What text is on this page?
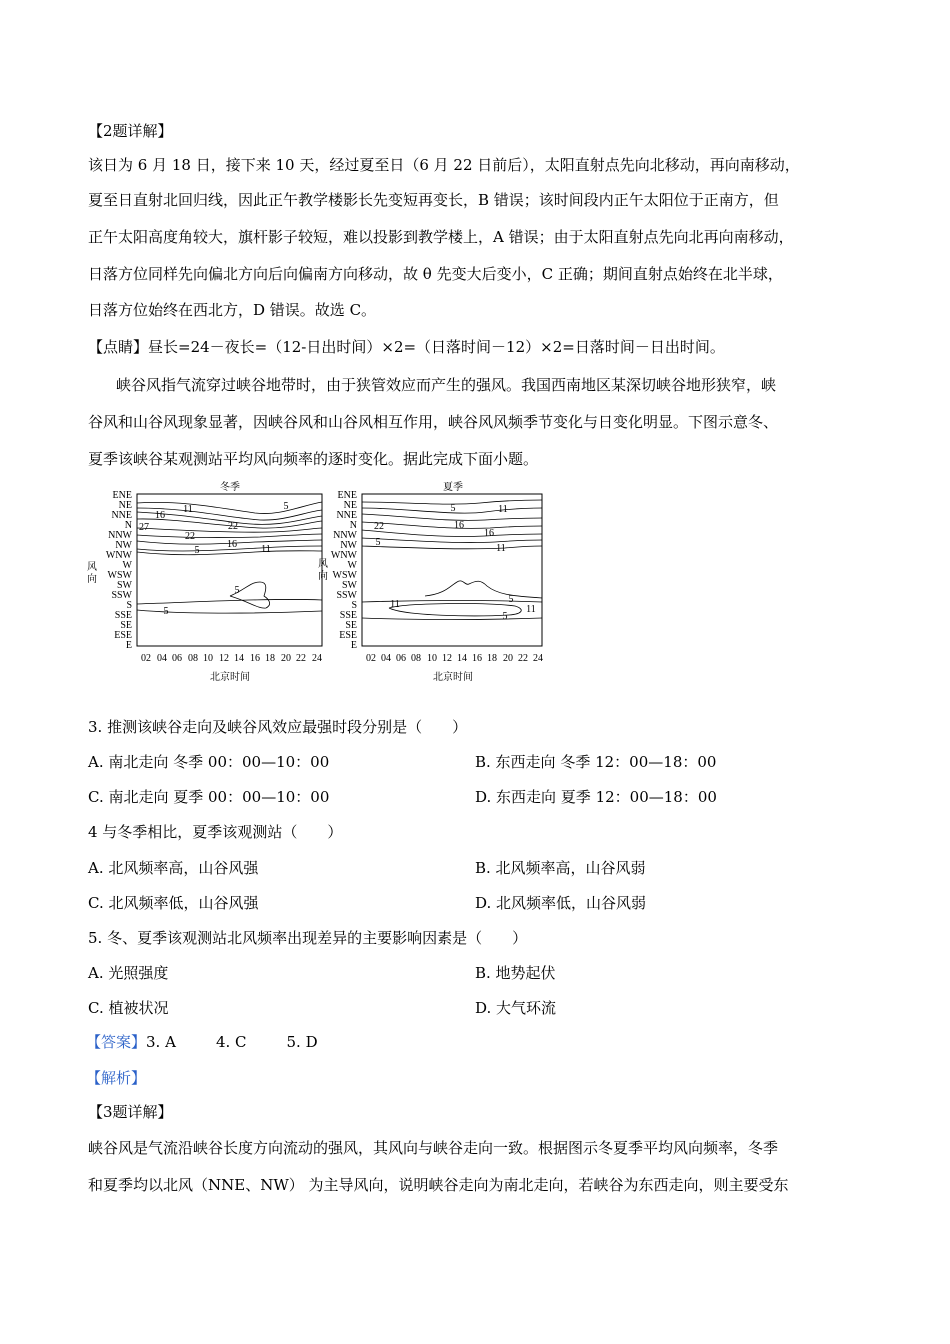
【2题详解】
该日为 6 月 18 日，接下来 10 天，经过夏至日（6 月 22 日前后），太阳直射点先向北移动，再向南移动，
夏至日直射北回归线，因此正午教学楼影长先变短再变长，B 错误；该时间段内正午太阳位于正南方，但
正午太阳高度角较大，旗杆影子较短，难以投影到教学楼上，A 错误；由于太阳直射点先向北再向南移动，
日落方位同样先向偏北方向后向偏南方向移动，故 θ 先变大后变小，C 正确；期间直射点始终在北半球，
日落方位始终在西北方，D 错误。故选 C。
【点睛】昼长=24－夜长=（12-日出时间）×2=（日落时间－12）×2=日落时间－日出时间。
峡谷风指气流穿过峡谷地带时，由于狭管效应而产生的强风。我国西南地区某深切峡谷地形狭窄，峡
谷风和山谷风现象显著，因峡谷风和山谷风相互作用，峡谷风风频季节变化与日变化明显。下图示意冬、
夏季该峡谷某观测站平均风向频率的逐时变化。据此完成下面小题。
冬季
ENE
NE
NNE
N
NNW
NW
WNW
W
WSW
SW
SSW
S
SSE
SE
ESE
E
风
向
02 04 06 08 10 12 14 16 18 20 22 24
北京时间
11	5
16
22
27
22
16 11
5
5
5
夏季
ENE
NE
NNE
N
NNW
NW
WNW
W
WSW
SW
SSW
S
SSE
SE
ESE
E
风
向
02 04 06 08 10 12 14 16 18 20 22 24
北京时间
5	11
22	16
16
11
5
5
11	11
5
3. 推测该峡谷走向及峡谷风效应最强时段分别是（　　）
A. 南北走向 冬季 00：00—10：00	B. 东西走向 冬季 12：00—18：00
C. 南北走向 夏季 00：00—10：00	D. 东西走向 夏季 12：00—18：00
4 与冬季相比，夏季该观测站（　　）
A. 北风频率高，山谷风强	B. 北风频率高，山谷风弱
C. 北风频率低，山谷风强	D. 北风频率低，山谷风弱
5. 冬、夏季该观测站北风频率出现差异的主要影响因素是（　　）
A. 光照强度	B. 地势起伏
C. 植被状况	D. 大气环流
【答案】3. A	4. C	5. D
【解析】
【3题详解】
峡谷风是气流沿峡谷长度方向流动的强风，其风向与峡谷走向一致。根据图示冬夏季平均风向频率，冬季
和夏季均以北风（NNE、NW） 为主导风向，说明峡谷走向为南北走向，若峡谷为东西走向，则主要受东
